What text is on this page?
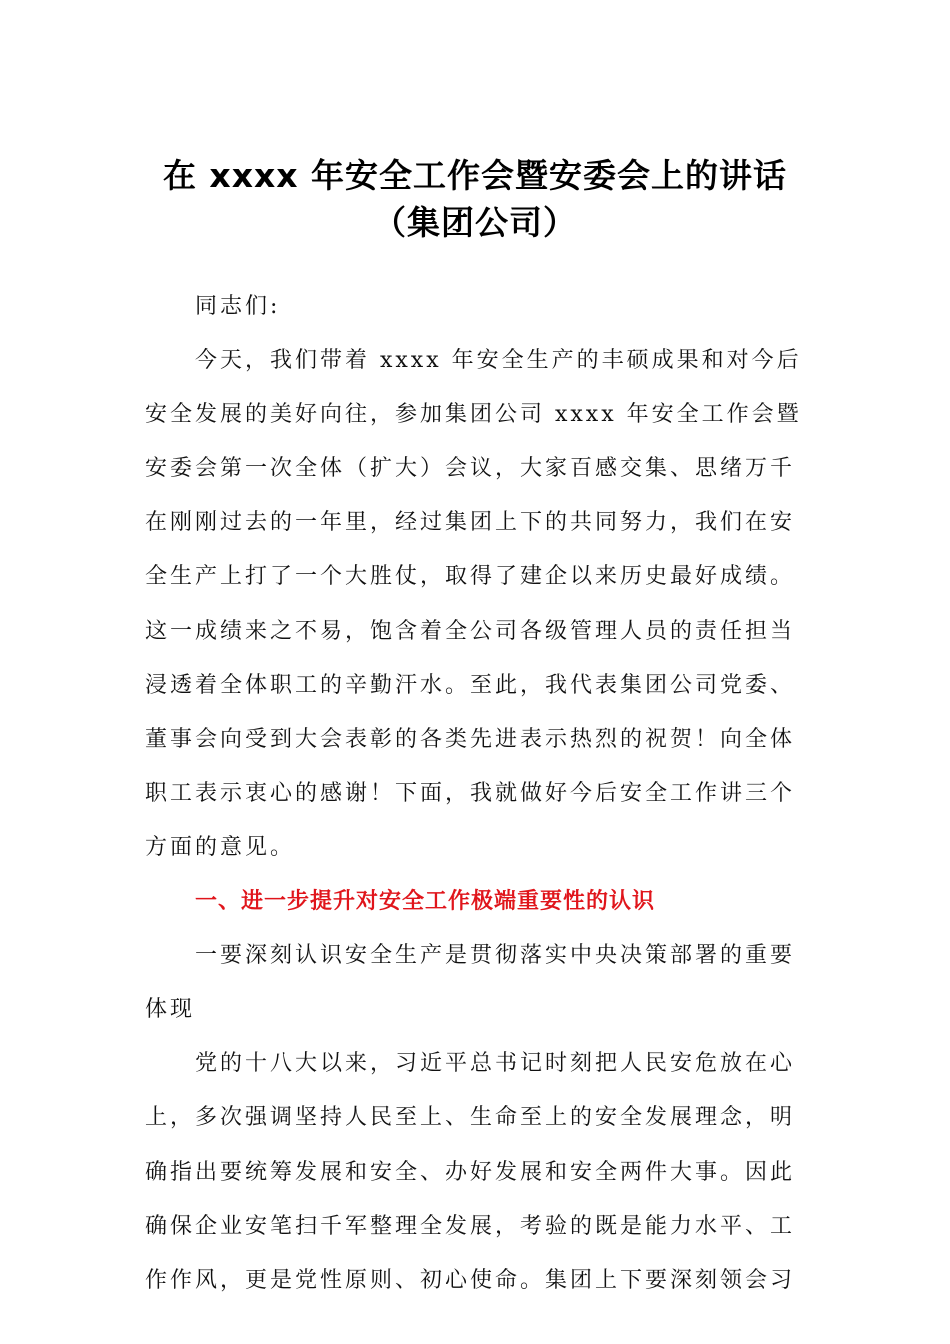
在 xxxx 年安全工作会暨安委会上的讲话
（集团公司）
同志们:
今天，我们带着 xxxx 年安全生产的丰硕成果和对今后
安全发展的美好向往，参加集团公司 xxxx 年安全工作会暨
安委会第一次全体（扩大）会议，大家百感交集、思绪万千
在刚刚过去的一年里，经过集团上下的共同努力，我们在安
全生产上打了一个大胜仗，取得了建企以来历史最好成绩。
这一成绩来之不易，饱含着全公司各级管理人员的责任担当
浸透着全体职工的辛勤汗水。至此，我代表集团公司党委、
董事会向受到大会表彰的各类先进表示热烈的祝贺！向全体
职工表示衷心的感谢！下面，我就做好今后安全工作讲三个
方面的意见。
一、进一步提升对安全工作极端重要性的认识
一要深刻认识安全生产是贯彻落实中央决策部署的重要
体现
党的十八大以来，习近平总书记时刻把人民安危放在心
上，多次强调坚持人民至上、生命至上的安全发展理念，明
确指出要统筹发展和安全、办好发展和安全两件大事。因此
确保企业安笔扫千军整理全发展，考验的既是能力水平、工
作作风，更是党性原则、初心使命。集团上下要深刻领会习
